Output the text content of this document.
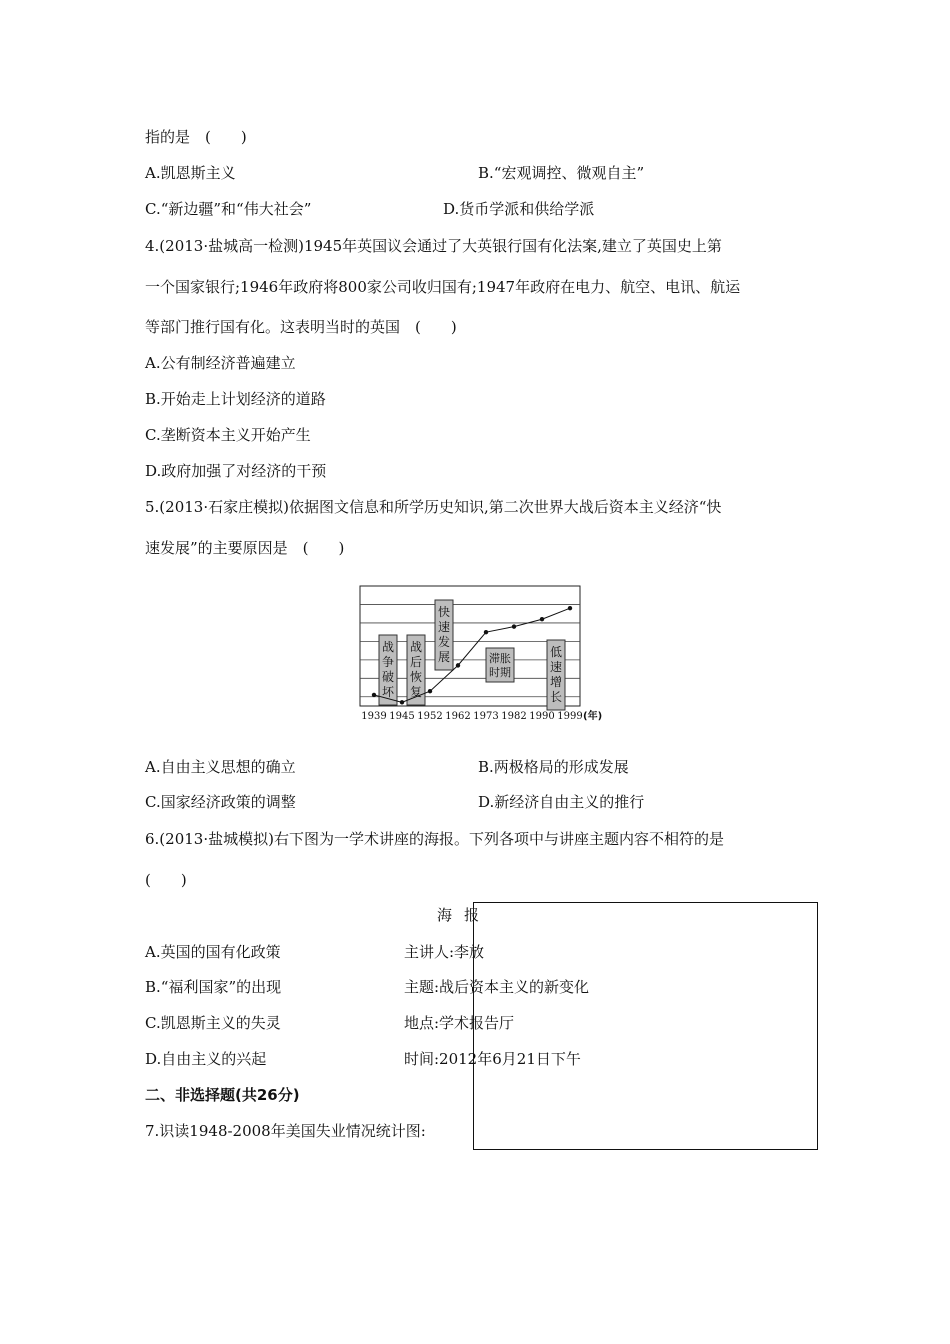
指的是　(　　)
A.凯恩斯主义	B.“宏观调控、微观自主”
C.“新边疆”和“伟大社会”	D.货币学派和供给学派
4.(2013·盐城高一检测)1945年英国议会通过了大英银行国有化法案,建立了英国史上第
一个国家银行;1946年政府将800家公司收归国有;1947年政府在电力、航空、电讯、航运
等部门推行国有化。这表明当时的英国　(　　)
A.公有制经济普遍建立
B.开始走上计划经济的道路
C.垄断资本主义开始产生
D.政府加强了对经济的干预
5.(2013·石家庄模拟)依据图文信息和所学历史知识,第二次世界大战后资本主义经济“快
速发展”的主要原因是　(　　)
战
争
破
坏
战
后
恢
复
快
速
发
展	滞胀
时期
低
速
增
长
1939 1945 1952 1962 1973 1982 1990 1999 (年)
A.自由主义思想的确立	B.两极格局的形成发展
C.国家经济政策的调整	D.新经济自由主义的推行
6.(2013·盐城模拟)右下图为一学术讲座的海报。下列各项中与讲座主题内容不相符的是
(　　)
海报
A.英国的国有化政策	主讲人:李放
B.“福利国家”的出现	主题:战后资本主义的新变化
C.凯恩斯主义的失灵	地点:学术报告厅
D.自由主义的兴起	时间:2012年6月21日下午
二、非选择题(共26分)
7.识读1948-2008年美国失业情况统计图:
